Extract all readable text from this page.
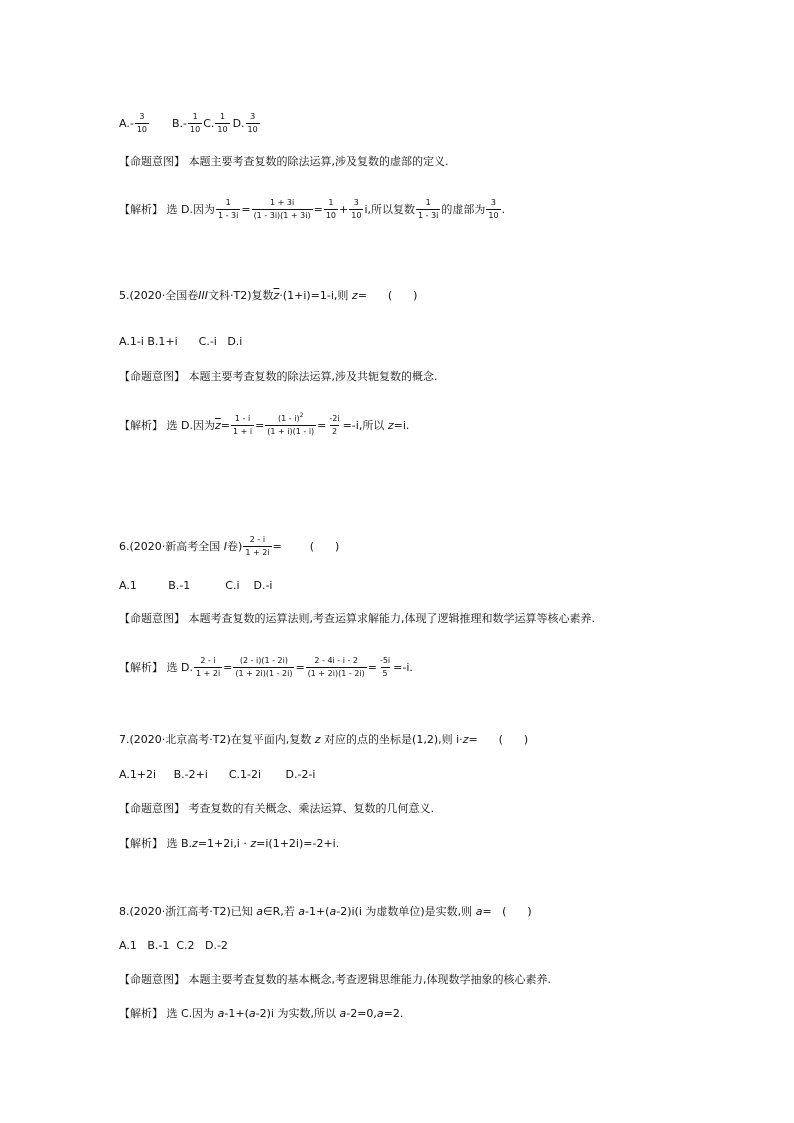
$A.- \frac{3}{10} B.- \frac{1}{10} C$. $\frac{1}{10} D$. $\frac{3}{10}$
【命题意图】 本题主要考查复数的除法运算,涉及复数的虚部的定义.
【解析】 选 D.因为 $\frac{1}{1 - 3i} = \frac{1 + 3i}{(1 - 3i)(1 + 3i)} = \frac{1}{10} + \frac{3}{10} i$,所以复数 $\frac{1}{1 - 3i}$ 的虚部为 $\frac{3}{10}$ .
5.(2020·全国卷 III 文科·T2)复数 $\overline{z} \cdot(1+i)=1-i$,则 z =      (      )
A.1-i B.1+i      C.-i   D.i
【命题意图】 本题主要考查复数的除法运算,涉及共轭复数的概念.
【解析】 选 D.因为 $\overline{z} = \frac{1 - i}{1 + i} = \frac{(1 - i)^2}{(1 + i)(1 - i)} = \frac{-2i}{2} =-i$,所以 z =i.
6.(2020·新高考全国 I 卷) $\frac{2 - i}{1 + 2i}$ =        (      )
A.1         B.-1          C.i    D.-i
【命题意图】 本题考查复数的运算法则,考查运算求解能力,体现了逻辑推理和数学运算等核心素养.
【解析】 选 D. $\frac{2 - i}{1 + 2i} = \frac{(2 - i)(1 - 2i)}{(1 + 2i)(1 - 2i)} = \frac{2 - 4i - i - 2}{(1 + 2i)(1 - 2i)} = \frac{-5i}{5} =-i$.
7.(2020·北京高考·T2)在复平面内,复数 z 对应的点的坐标是(1,2),则 i· z =      (      )
A.1+2i     B.-2+i      C.1-2i       D.-2-i
【命题意图】 考查复数的有关概念、乘法运算、复数的几何意义.
【解析】 选 B. z =1+2i,i · z =i(1+2i)=-2+i.
8.(2020·浙江高考·T2)已知 a ∈R,若 a -1+( a -2)i(i 为虚数单位)是实数,则 a =   (      )
A.1   B.-1  C.2   D.-2
【命题意图】 本题主要考查复数的基本概念,考查逻辑思维能力,体现数学抽象的核心素养.
【解析】 选 C.因为 a -1+( a -2)i 为实数,所以 a -2=0, a =2.
